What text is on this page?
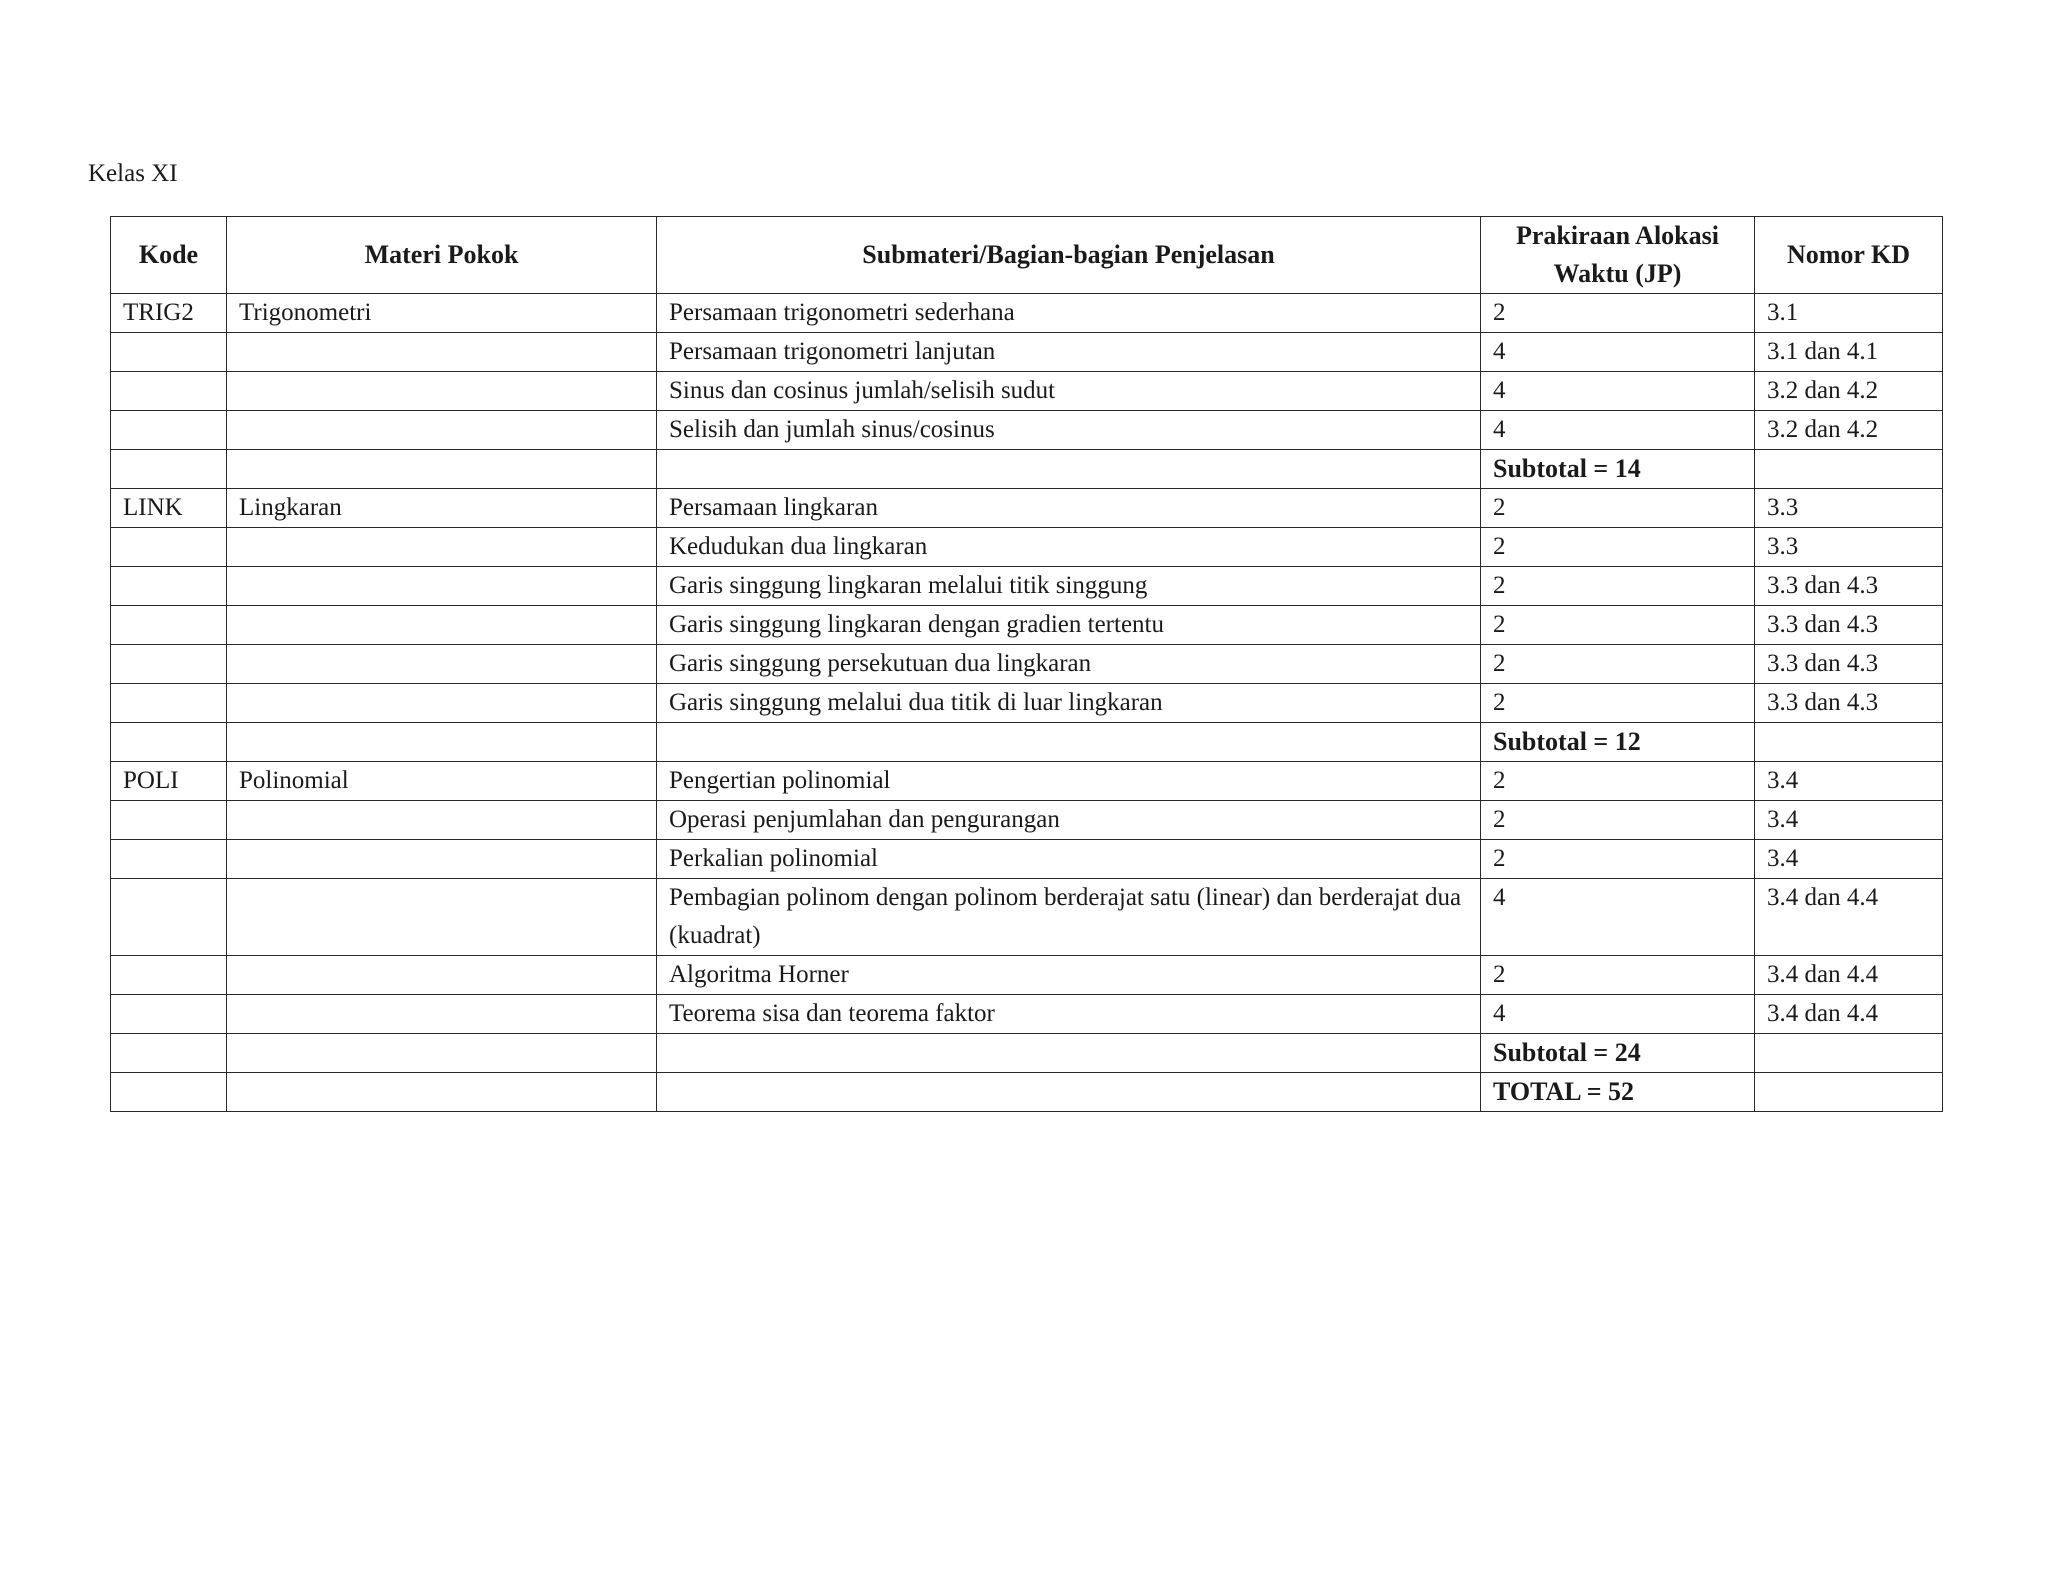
Kelas XI
Kode	Materi Pokok	Submateri/Bagian-bagian Penjelasan	Prakiraan Alokasi Waktu (JP)	Nomor KD
TRIG2	Trigonometri	Persamaan trigonometri sederhana	2	3.1
		Persamaan trigonometri lanjutan	4	3.1 dan 4.1
		Sinus dan cosinus jumlah/selisih sudut	4	3.2 dan 4.2
		Selisih dan jumlah sinus/cosinus	4	3.2 dan 4.2
			Subtotal = 14	
LINK	Lingkaran	Persamaan lingkaran	2	3.3
		Kedudukan dua lingkaran	2	3.3
		Garis singgung lingkaran melalui titik singgung	2	3.3 dan 4.3
		Garis singgung lingkaran dengan gradien tertentu	2	3.3 dan 4.3
		Garis singgung persekutuan dua lingkaran	2	3.3 dan 4.3
		Garis singgung melalui dua titik di luar lingkaran	2	3.3 dan 4.3
			Subtotal = 12	
POLI	Polinomial	Pengertian polinomial	2	3.4
		Operasi penjumlahan dan pengurangan	2	3.4
		Perkalian polinomial	2	3.4
		Pembagian polinom dengan polinom berderajat satu (linear) dan berderajat dua (kuadrat)	4	3.4 dan 4.4
		Algoritma Horner	2	3.4 dan 4.4
		Teorema sisa dan teorema faktor	4	3.4 dan 4.4
			Subtotal = 24	
			TOTAL = 52	
